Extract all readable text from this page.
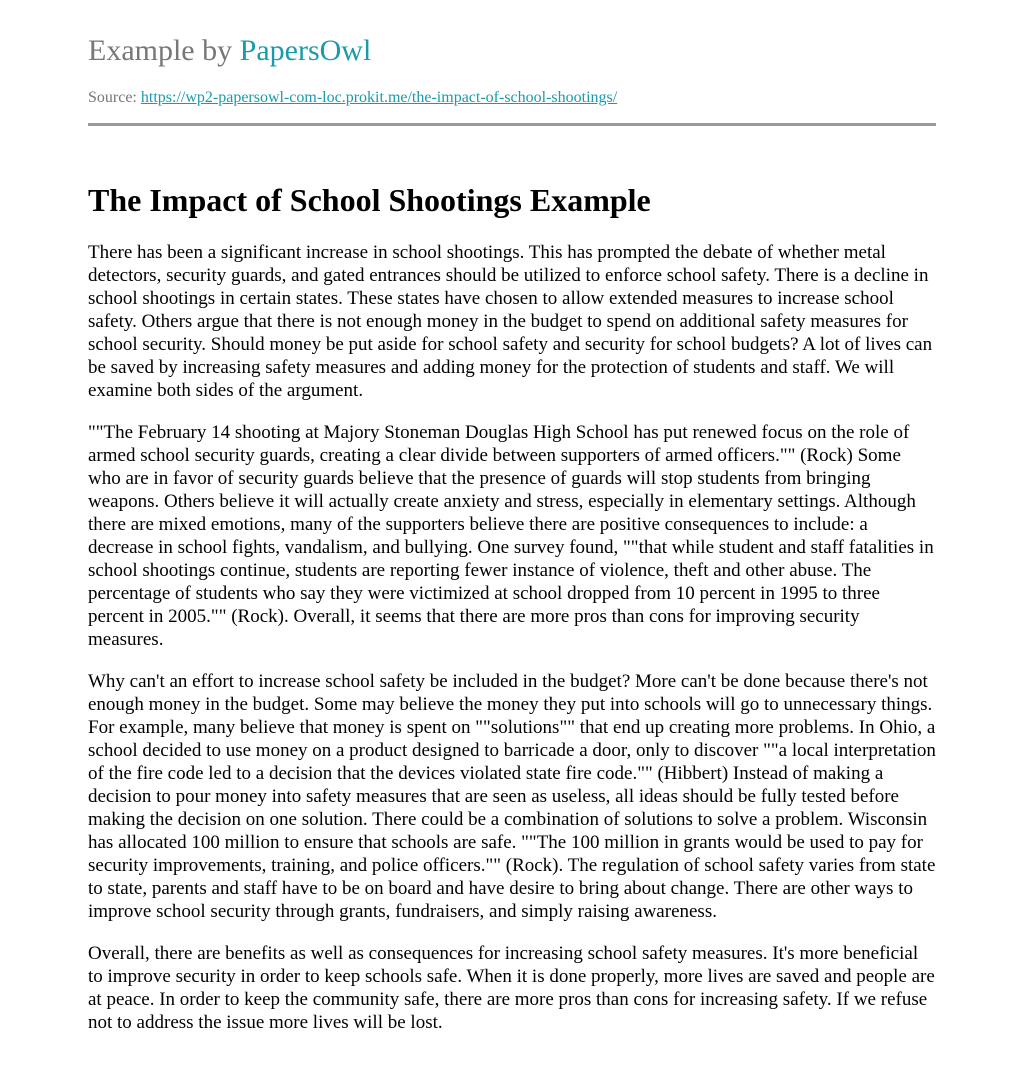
Example by PapersOwl
Source: https://wp2-papersowl-com-loc.prokit.me/the-impact-of-school-shootings/
The Impact of School Shootings Example

There has been a significant increase in school shootings. This has prompted the debate of whether metal detectors, security guards, and gated entrances should be utilized to enforce school safety. There is a decline in school shootings in certain states. These states have chosen to allow extended measures to increase school safety. Others argue that there is not enough money in the budget to spend on additional safety measures for school security. Should money be put aside for school safety and security for school budgets? A lot of lives can be saved by increasing safety measures and adding money for the protection of students and staff. We will examine both sides of the argument.

""The February 14 shooting at Majory Stoneman Douglas High School has put renewed focus on the role of armed school security guards, creating a clear divide between supporters of armed officers."" (Rock) Some who are in favor of security guards believe that the presence of guards will stop students from bringing weapons. Others believe it will actually create anxiety and stress, especially in elementary settings. Although there are mixed emotions, many of the supporters believe there are positive consequences to include: a decrease in school fights, vandalism, and bullying. One survey found, ""that while student and staff fatalities in school shootings continue, students are reporting fewer instance of violence, theft and other abuse. The percentage of students who say they were victimized at school dropped from 10 percent in 1995 to three percent in 2005."" (Rock). Overall, it seems that there are more pros than cons for improving security measures.

Why can't an effort to increase school safety be included in the budget? More can't be done because there's not enough money in the budget. Some may believe the money they put into schools will go to unnecessary things. For example, many believe that money is spent on ""solutions"" that end up creating more problems. In Ohio, a school decided to use money on a product designed to barricade a door, only to discover ""a local interpretation of the fire code led to a decision that the devices violated state fire code."" (Hibbert) Instead of making a decision to pour money into safety measures that are seen as useless, all ideas should be fully tested before making the decision on one solution. There could be a combination of solutions to solve a problem. Wisconsin has allocated 100 million to ensure that schools are safe. ""The 100 million in grants would be used to pay for security improvements, training, and police officers."" (Rock). The regulation of school safety varies from state to state, parents and staff have to be on board and have desire to bring about change. There are other ways to improve school security through grants, fundraisers, and simply raising awareness.

Overall, there are benefits as well as consequences for increasing school safety measures. It's more beneficial to improve security in order to keep schools safe. When it is done properly, more lives are saved and people are at peace. In order to keep the community safe, there are more pros than cons for increasing safety. If we refuse not to address the issue more lives will be lost.
